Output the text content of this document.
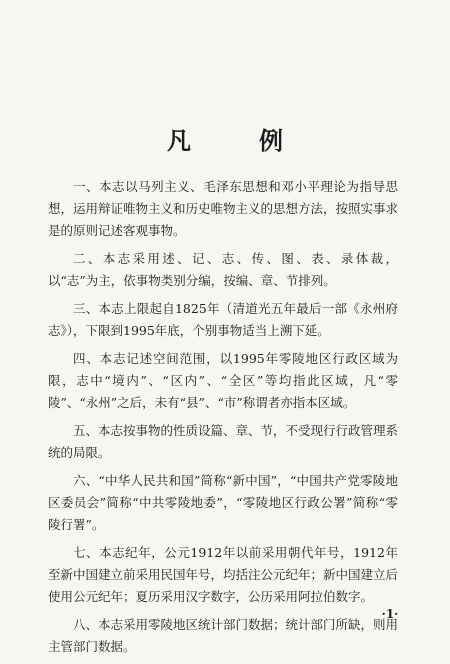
凡　例

一、本志以马列主义、毛泽东思想和邓小平理论为指导思想，运用辩证唯物主义和历史唯物主义的思想方法，按照实事求是的原则记述客观事物。

二、本志采用述、记、志、传、图、表、录体裁，以“志”为主，依事物类别分编，按编、章、节排列。

三、本志上限起自1825年（清道光五年最后一部《永州府志》），下限到1995年底，个别事物适当上溯下延。

四、本志记述空间范围，以1995年零陵地区行政区域为限，志中“境内”、“区内”、“全区”等均指此区域，凡“零陵”、“永州”之后，未有“县”、“市”称谓者亦指本区域。

五、本志按事物的性质设篇、章、节，不受现行行政管理系统的局限。

六、“中华人民共和国”简称“新中国”，“中国共产党零陵地区委员会”简称“中共零陵地委”，“零陵地区行政公署”简称“零陵行署”。

七、本志纪年，公元1912年以前采用朝代年号，1912年至新中国建立前采用民国年号，均括注公元纪年；新中国建立后使用公元纪年；夏历采用汉字数字，公历采用阿拉伯数字。

八、本志采用零陵地区统计部门数据；统计部门所缺，则用主管部门数据。

·1·
